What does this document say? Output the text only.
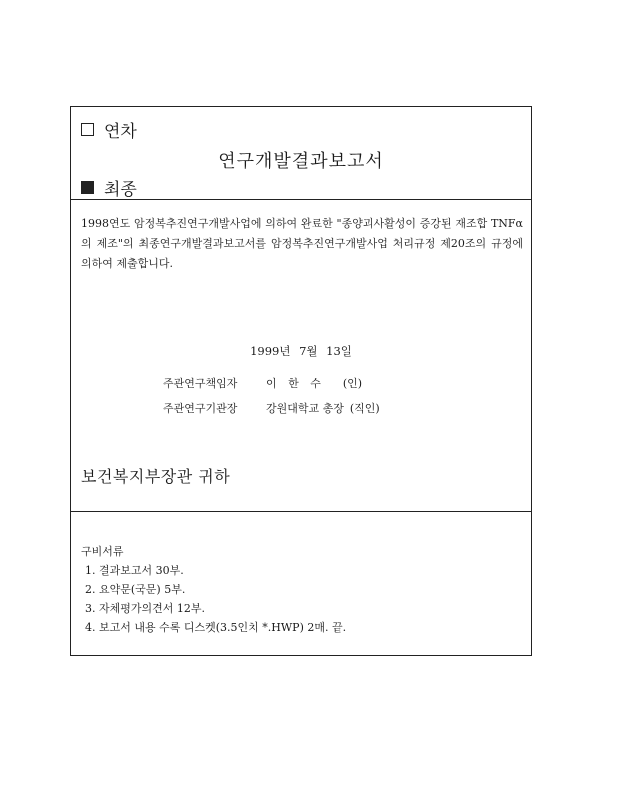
연차
연구개발결과보고서
최종
1998연도 암정복추진연구개발사업에 의하여 완료한 "종양괴사활성이 증강된 재조합 TNFα의 제조"의 최종연구개발결과보고서를 암정복추진연구개발사업 처리규정 제20조의 규정에 의하여 제출합니다.
1999년 7월 13일
주관연구책임자	이 한 수 (인)
주관연구기관장	강원대학교 총장 (직인)
보건복지부장관 귀하
구비서류
1. 결과보고서 30부.
2. 요약문(국문) 5부.
3. 자체평가의견서 12부.
4. 보고서 내용 수록 디스켓(3.5인치 *.HWP) 2매. 끝.
